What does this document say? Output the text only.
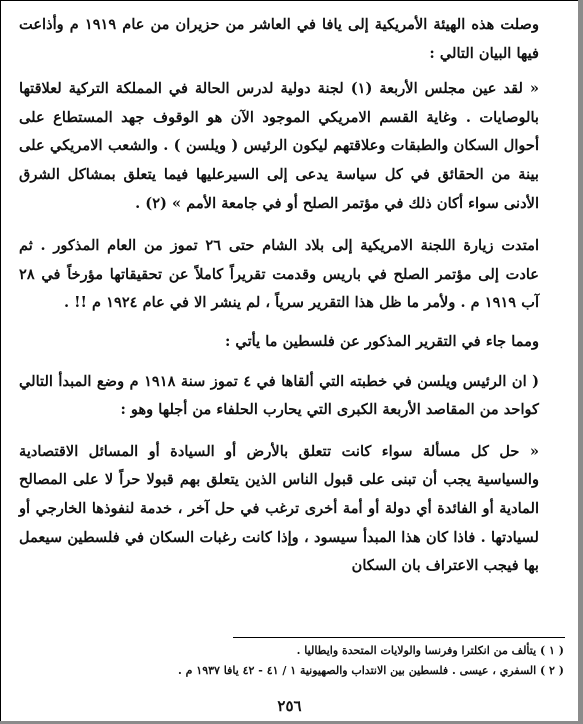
وصلت هذه الهيئة الأمريكية إلى يافا في العاشر من حزيران من عام ١٩١٩ م وأذاعت فيها البيان التالي :

« لقد عين مجلس الأربعة (١) لجنة دولية لدرس الحالة في المملكة التركية لعلاقتها بالوصايات . وغاية القسم الامريكي الموجود الآن هو الوقوف جهد المستطاع على أحوال السكان والطبقات وعلاقتهم ليكون الرئيس ( ويلسن ) . والشعب الامريكي على بينة من الحقائق في كل سياسة يدعى إلى السيرعليها فيما يتعلق بمشاكل الشرق الأدنى سواء أكان ذلك في مؤتمر الصلح أو في جامعة الأمم » (٢) .

امتدت زيارة اللجنة الامريكية إلى بلاد الشام حتى ٢٦ تموز من العام المذكور . ثم عادت إلى مؤتمر الصلح في باريس وقدمت تقريراً كاملاً عن تحقيقاتها مؤرخاً في ٢٨ آب ١٩١٩ م . ولأمر ما ظل هذا التقرير سرياً ، لم ينشر الا في عام ١٩٢٤ م !! .

ومما جاء في التقرير المذكور عن فلسطين ما يأتي :

( ان الرئيس ويلسن في خطبته التي ألقاها في ٤ تموز سنة ١٩١٨ م وضع المبدأ التالي كواحد من المقاصد الأربعة الكبرى التي يحارب الحلفاء من أجلها وهو :

« حل كل مسألة سواء كانت تتعلق بالأرض أو السيادة أو المسائل الاقتصادية والسياسية يجب أن تبنى على قبول الناس الذين يتعلق بهم قبولا حراً لا على المصالح المادية أو الفائدة أي دولة أو أمة أخرى ترغب في حل آخر ، خدمة لنفوذها الخارجي أو لسيادتها . فاذا كان هذا المبدأ سيسود ، وإذا كانت رغبات السكان في فلسطين سيعمل بها فيجب الاعتراف بان السكان

( ١ ) يتألف من انكلترا وفرنسا والولايات المتحدة وايطاليا .

( ٢ ) السفري ، عيسى . فلسطين بين الانتداب والصهيونية ١ / ٤١ - ٤٢ يافا ١٩٣٧ م .

٢٥٦
